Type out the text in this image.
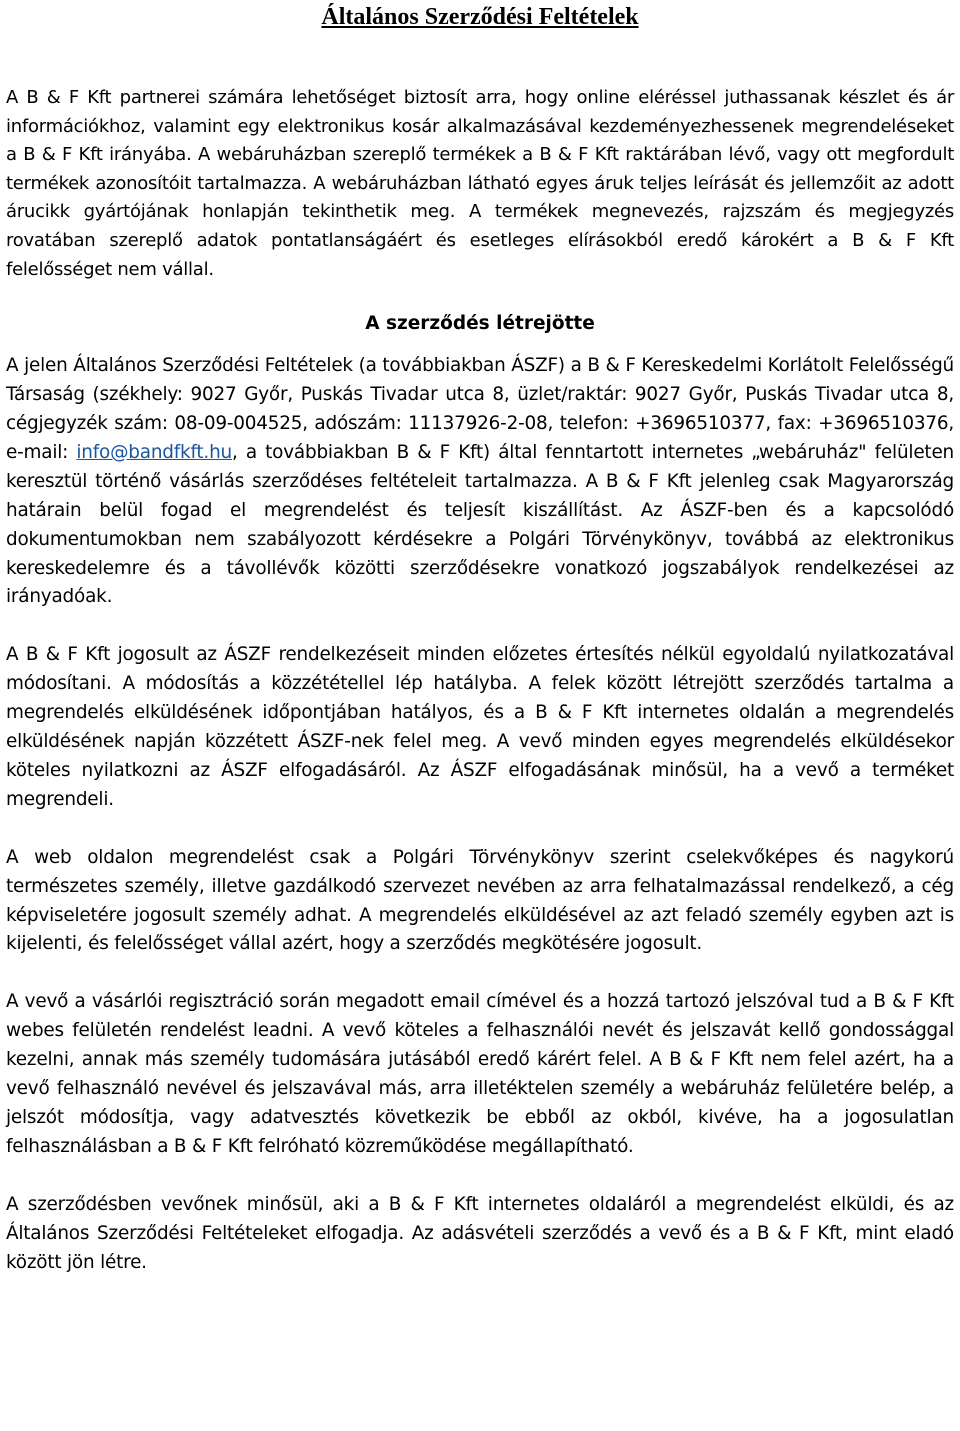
Általános Szerződési Feltételek

A B & F Kft partnerei számára lehetőséget biztosít arra, hogy online eléréssel juthassanak készlet és ár információkhoz, valamint egy elektronikus kosár alkalmazásával kezdeményezhessenek megrendeléseket a B & F Kft irányába. A webáruházban szereplő termékek a B & F Kft raktárában lévő, vagy ott megfordult termékek azonosítóit tartalmazza. A webáruházban látható egyes áruk teljes leírását és jellemzőit az adott árucikk gyártójának honlapján tekinthetik meg. A termékek megnevezés, rajzszám és megjegyzés rovatában szereplő adatok pontatlanságáért és esetleges elírásokból eredő károkért a B & F Kft felelősséget nem vállal.

A szerződés létrejötte

A jelen Általános Szerződési Feltételek (a továbbiakban ÁSZF) a B & F Kereskedelmi Korlátolt Felelősségű Társaság (székhely: 9027 Győr, Puskás Tivadar utca 8, üzlet/raktár: 9027 Győr, Puskás Tivadar utca 8, cégjegyzék szám: 08-09-004525, adószám: 11137926-2-08, telefon: +3696510377, fax: +3696510376, e-mail: info@bandfkft.hu, a továbbiakban B & F Kft) által fenntartott internetes „webáruház" felületen keresztül történő vásárlás szerződéses feltételeit tartalmazza. A B & F Kft jelenleg csak Magyarország határain belül fogad el megrendelést és teljesít kiszállítást. Az ÁSZF-ben és a kapcsolódó dokumentumokban nem szabályozott kérdésekre a Polgári Törvénykönyv, továbbá az elektronikus kereskedelemre és a távollévők közötti szerződésekre vonatkozó jogszabályok rendelkezései az irányadóak.

A B & F Kft jogosult az ÁSZF rendelkezéseit minden előzetes értesítés nélkül egyoldalú nyilatkozatával módosítani. A módosítás a közzététellel lép hatályba. A felek között létrejött szerződés tartalma a megrendelés elküldésének időpontjában hatályos, és a B & F Kft internetes oldalán a megrendelés elküldésének napján közzétett ÁSZF-nek felel meg. A vevő minden egyes megrendelés elküldésekor köteles nyilatkozni az ÁSZF elfogadásáról. Az ÁSZF elfogadásának minősül, ha a vevő a terméket megrendeli.

A web oldalon megrendelést csak a Polgári Törvénykönyv szerint cselekvőképes és nagykorú természetes személy, illetve gazdálkodó szervezet nevében az arra felhatalmazással rendelkező, a cég képviseletére jogosult személy adhat. A megrendelés elküldésével az azt feladó személy egyben azt is kijelenti, és felelősséget vállal azért, hogy a szerződés megkötésére jogosult.

A vevő a vásárlói regisztráció során megadott email címével és a hozzá tartozó jelszóval tud a B & F Kft webes felületén rendelést leadni. A vevő köteles a felhasználói nevét és jelszavát kellő gondossággal kezelni, annak más személy tudomására jutásából eredő kárért felel. A B & F Kft nem felel azért, ha a vevő felhasználó nevével és jelszavával más, arra illetéktelen személy a webáruház felületére belép, a jelszót módosítja, vagy adatvesztés következik be ebből az okból, kivéve, ha a jogosulatlan felhasználásban a B & F Kft felróható közreműködése megállapítható.

A szerződésben vevőnek minősül, aki a B & F Kft internetes oldaláról a megrendelést elküldi, és az Általános Szerződési Feltételeket elfogadja. Az adásvételi szerződés a vevő és a B & F Kft, mint eladó között jön létre.
